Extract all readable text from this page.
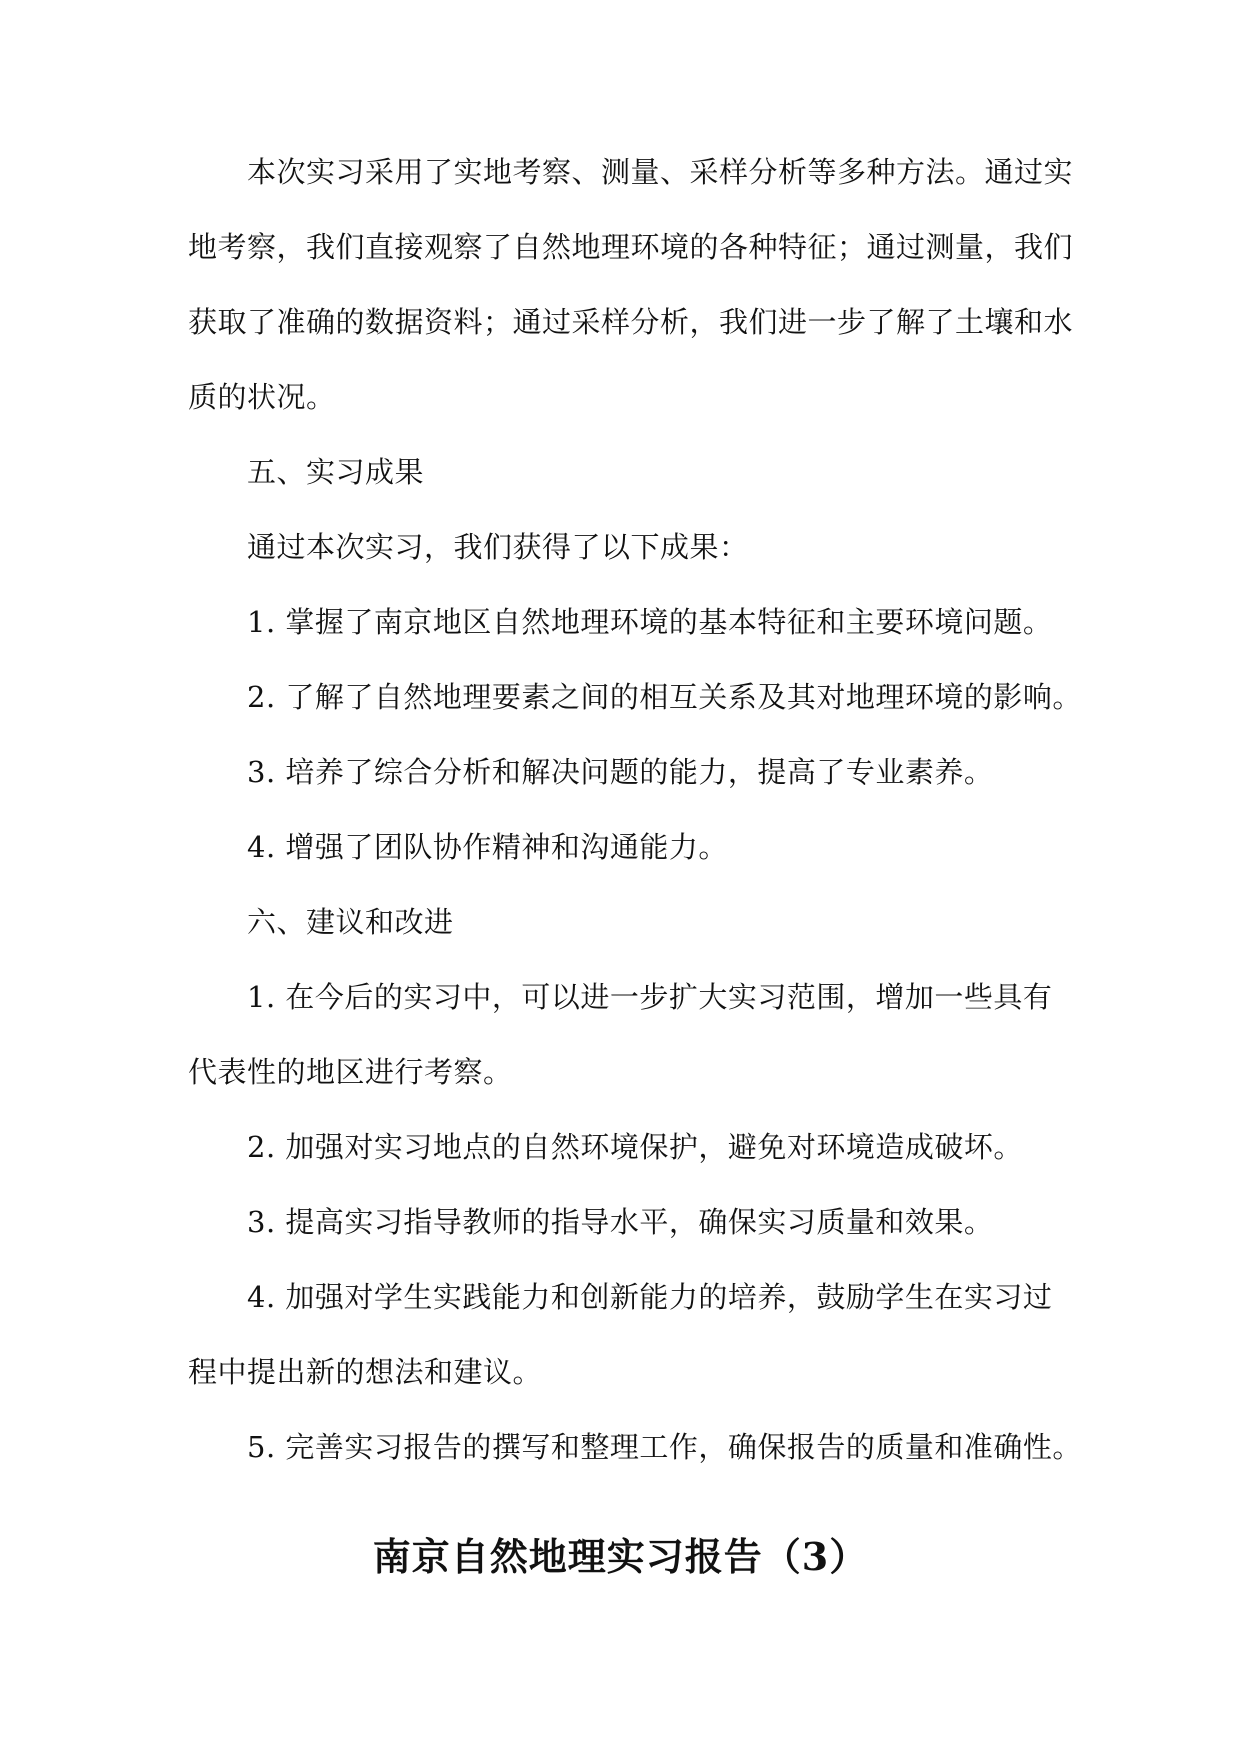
本次实习采用了实地考察、测量、采样分析等多种方法。通过实
地考察，我们直接观察了自然地理环境的各种特征；通过测量，我们
获取了准确的数据资料；通过采样分析，我们进一步了解了土壤和水
质的状况。
五、实习成果
通过本次实习，我们获得了以下成果：
1. 掌握了南京地区自然地理环境的基本特征和主要环境问题。
2. 了解了自然地理要素之间的相互关系及其对地理环境的影响。
3. 培养了综合分析和解决问题的能力，提高了专业素养。
4. 增强了团队协作精神和沟通能力。
六、建议和改进
1. 在今后的实习中，可以进一步扩大实习范围，增加一些具有
代表性的地区进行考察。
2. 加强对实习地点的自然环境保护，避免对环境造成破坏。
3. 提高实习指导教师的指导水平，确保实习质量和效果。
4. 加强对学生实践能力和创新能力的培养，鼓励学生在实习过
程中提出新的想法和建议。
5. 完善实习报告的撰写和整理工作，确保报告的质量和准确性。
南京自然地理实习报告（3）
